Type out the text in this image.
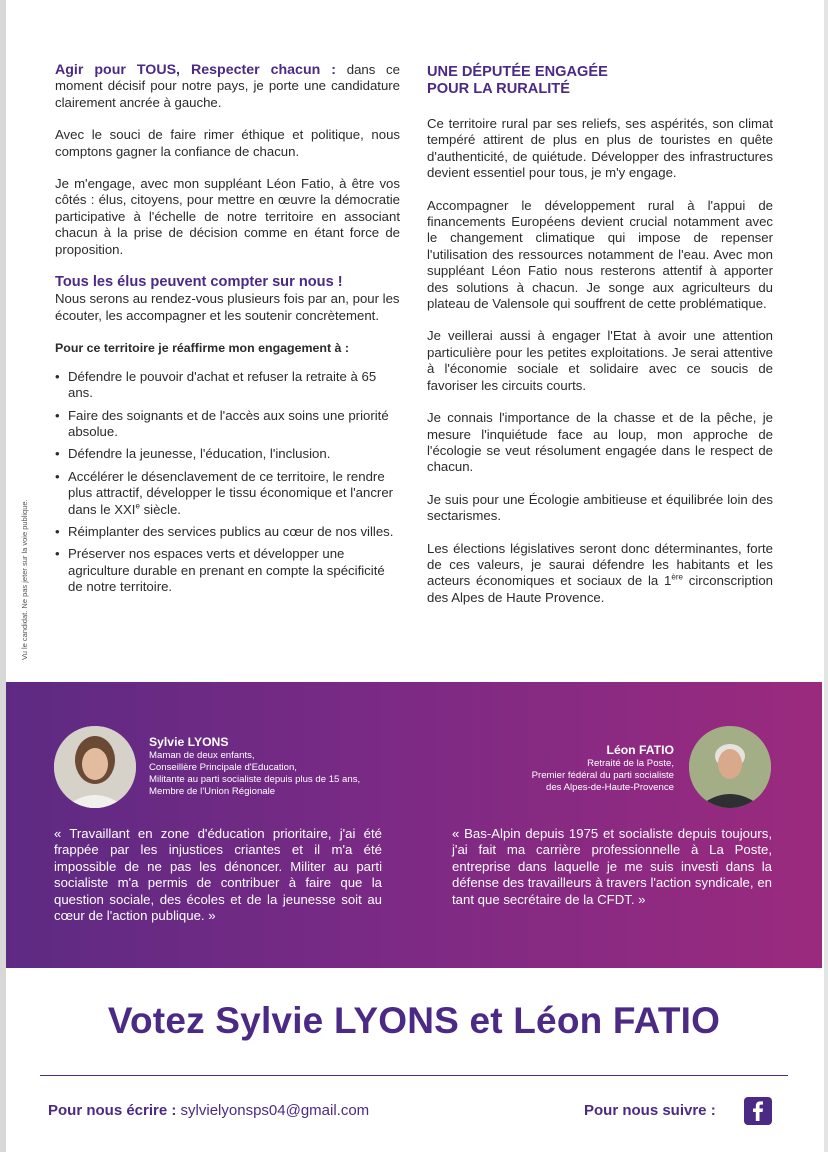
Agir pour TOUS, Respecter chacun : dans ce moment décisif pour notre pays, je porte une candidature clairement ancrée à gauche.

Avec le souci de faire rimer éthique et politique, nous comptons gagner la confiance de chacun.

Je m'engage, avec mon suppléant Léon Fatio, à être vos côtés : élus, citoyens, pour mettre en œuvre la démocratie participative à l'échelle de notre territoire en associant chacun à la prise de décision comme en étant force de proposition.

Tous les élus peuvent compter sur nous !

Nous serons au rendez-vous plusieurs fois par an, pour les écouter, les accompagner et les soutenir concrètement.

Pour ce territoire je réaffirme mon engagement à :
• Défendre le pouvoir d'achat et refuser la retraite à 65 ans.
• Faire des soignants et de l'accès aux soins une priorité absolue.
• Défendre la jeunesse, l'éducation, l'inclusion.
• Accélérer le désenclavement de ce territoire, le rendre plus attractif, développer le tissu économique et l'ancrer dans le XXIe siècle.
• Réimplanter des services publics au cœur de nos villes.
• Préserver nos espaces verts et développer une agriculture durable en prenant en compte la spécificité de notre territoire.
UNE DÉPUTÉE ENGAGÉE
POUR LA RURALITÉ

Ce territoire rural par ses reliefs, ses aspérités, son climat tempéré attirent de plus en plus de touristes en quête d'authenticité, de quiétude. Développer des infrastructures devient essentiel pour tous, je m'y engage.

Accompagner le développement rural à l'appui de financements Européens devient crucial notamment avec le changement climatique qui impose de repenser l'utilisation des ressources notamment de l'eau. Avec mon suppléant Léon Fatio nous resterons attentif à apporter des solutions à chacun. Je songe aux agriculteurs du plateau de Valensole qui souffrent de cette problématique.

Je veillerai aussi à engager l'Etat à avoir une attention particulière pour les petites exploitations. Je serai attentive à l'économie sociale et solidaire avec ce soucis de favoriser les circuits courts.

Je connais l'importance de la chasse et de la pêche, je mesure l'inquiétude face au loup, mon approche de l'écologie se veut résolument engagée dans le respect de chacun.

Je suis pour une Écologie ambitieuse et équilibrée loin des sectarismes.

Les élections législatives seront donc déterminantes, forte de ces valeurs, je saurai défendre les habitants et les acteurs économiques et sociaux de la 1ère circonscription des Alpes de Haute Provence.

Vu le candidat. Ne pas jeter sur la voie publique.
Sylvie LYONS
Maman de deux enfants,
Conseillère Principale d'Education,
Militante au parti socialiste depuis plus de 15 ans,
Membre de l'Union Régionale
Léon FATIO
Retraité de la Poste,
Premier fédéral du parti socialiste
des Alpes-de-Haute-Provence
« Travaillant en zone d'éducation prioritaire, j'ai été frappée par les injustices criantes et il m'a été impossible de ne pas les dénoncer. Militer au parti socialiste m'a permis de contribuer à faire que la question sociale, des écoles et de la jeunesse soit au cœur de l'action publique. »
« Bas-Alpin depuis 1975 et socialiste depuis toujours, j'ai fait ma carrière professionnelle à La Poste, entreprise dans laquelle je me suis investi dans la défense des travailleurs à travers l'action syndicale, en tant que secrétaire de la CFDT. »
Votez Sylvie LYONS et Léon FATIO
Pour nous écrire : sylvielyonsps04@gmail.com	Pour nous suivre :
